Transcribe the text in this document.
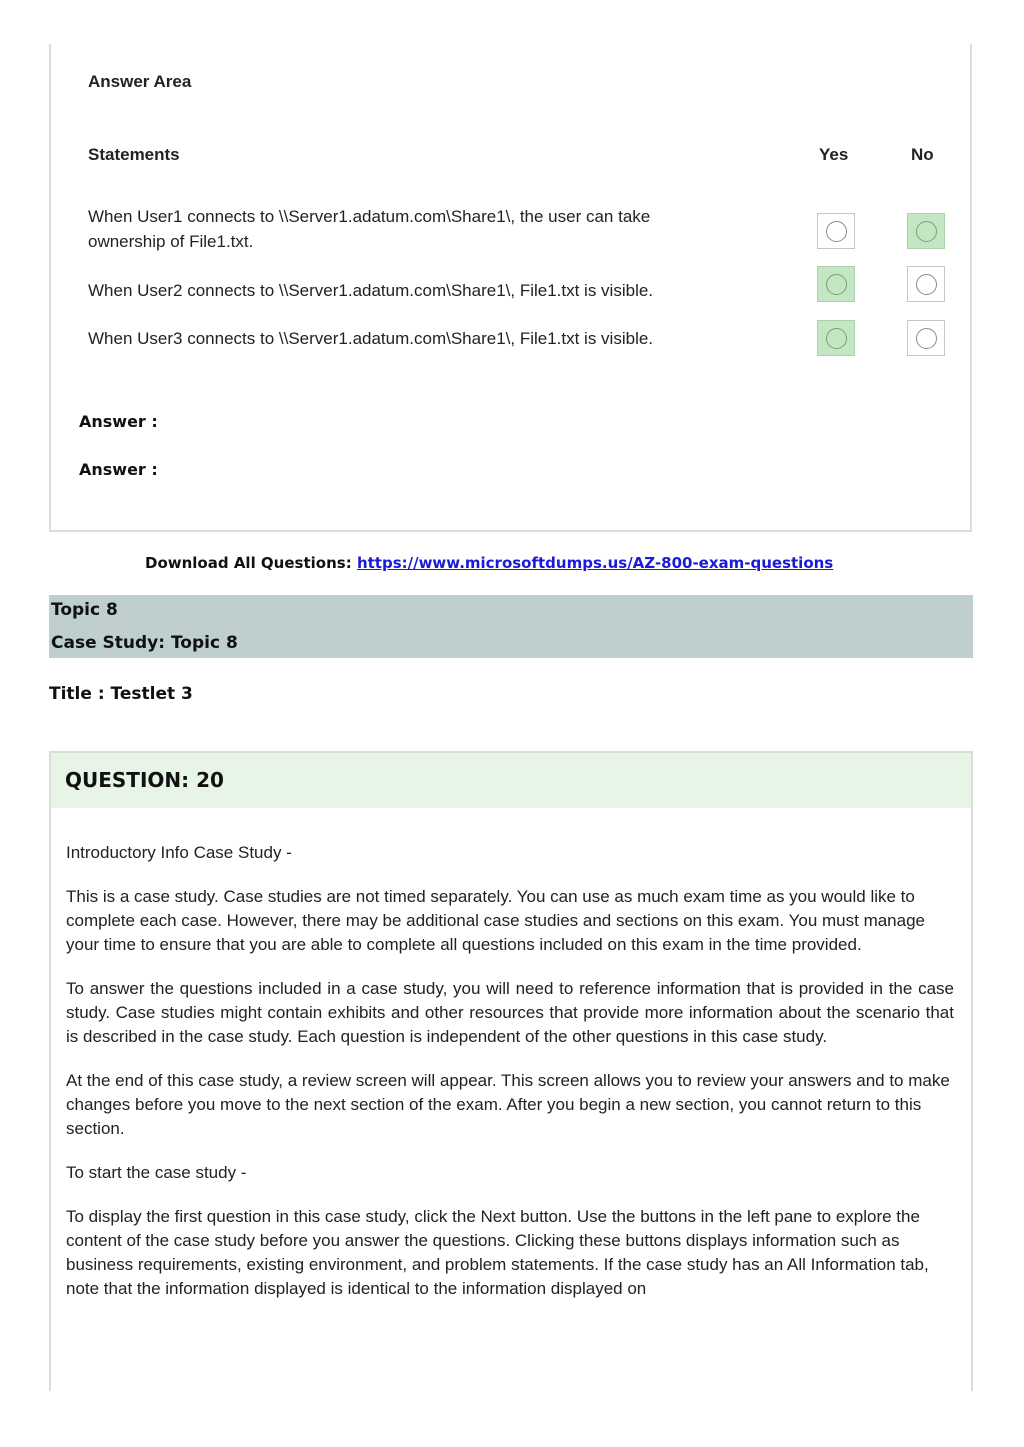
Answer Area
Statements	Yes	No
When User1 connects to \\Server1.adatum.com\Share1\, the user can take ownership of File1.txt.
When User2 connects to \\Server1.adatum.com\Share1\, File1.txt is visible.
When User3 connects to \\Server1.adatum.com\Share1\, File1.txt is visible.
Answer :
Answer :
Download All Questions: https://www.microsoftdumps.us/AZ-800-exam-questions
Topic 8
Case Study: Topic 8
Title : Testlet 3
QUESTION: 20

Introductory Info Case Study -

This is a case study. Case studies are not timed separately. You can use as much exam time as you would like to complete each case. However, there may be additional case studies and sections on this exam. You must manage your time to ensure that you are able to complete all questions included on this exam in the time provided.

To answer the questions included in a case study, you will need to reference information that is provided in the case study. Case studies might contain exhibits and other resources that provide more information about the scenario that is described in the case study. Each question is independent of the other questions in this case study.

At the end of this case study, a review screen will appear. This screen allows you to review your answers and to make changes before you move to the next section of the exam. After you begin a new section, you cannot return to this section.

To start the case study -

To display the first question in this case study, click the Next button. Use the buttons in the left pane to explore the content of the case study before you answer the questions. Clicking these buttons displays information such as business requirements, existing environment, and problem statements. If the case study has an All Information tab, note that the information displayed is identical to the information displayed on
